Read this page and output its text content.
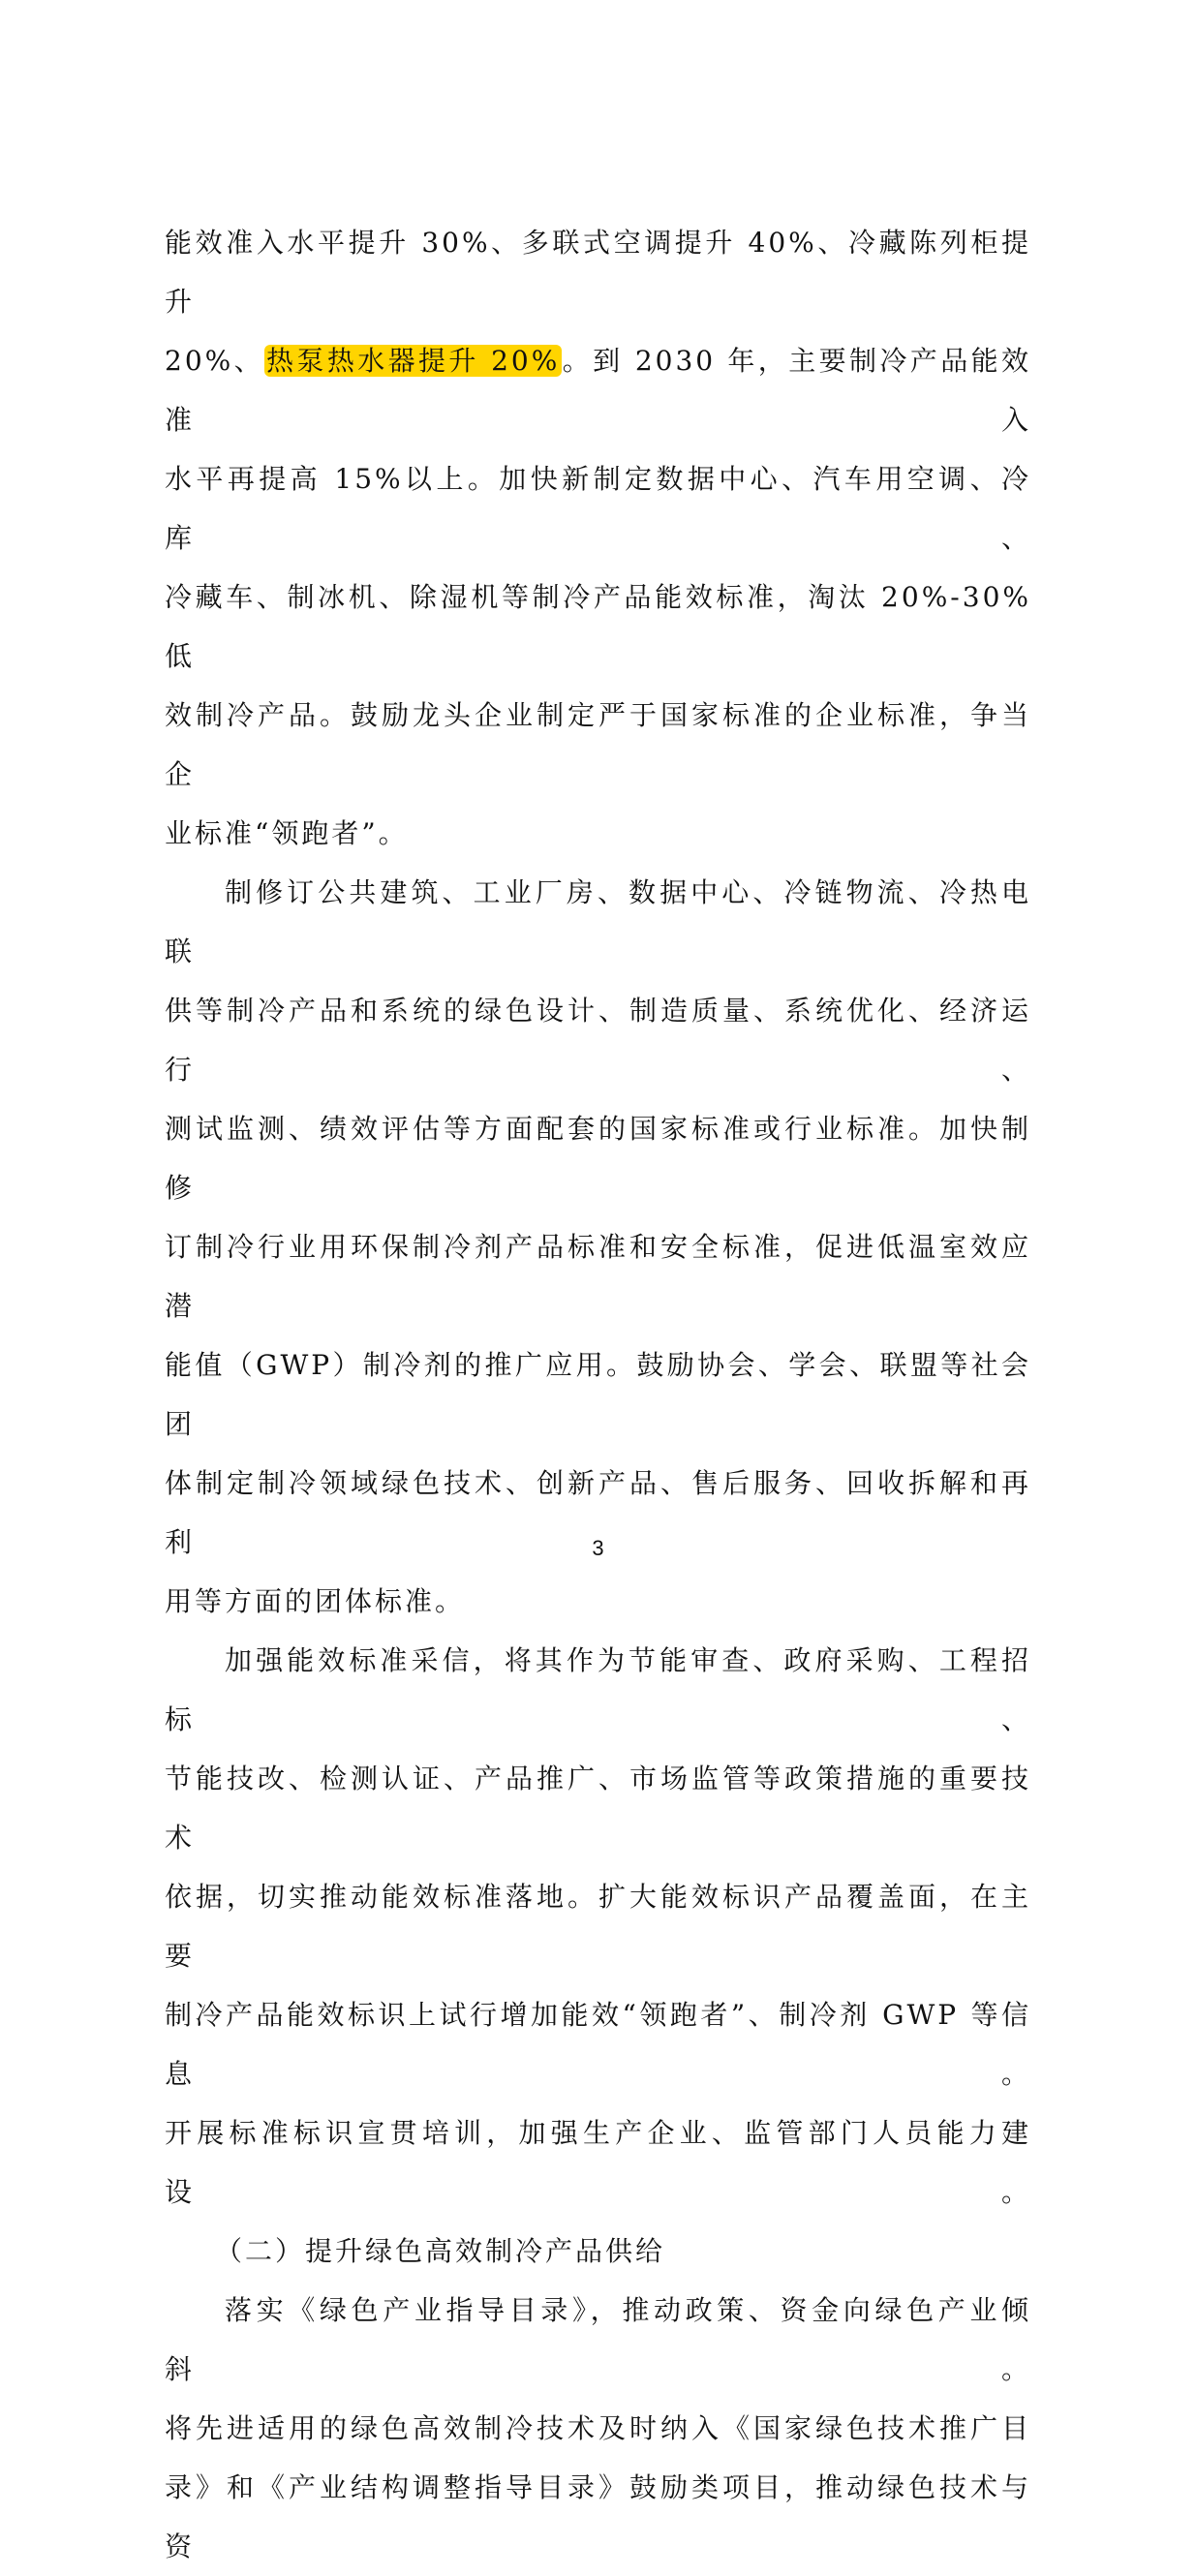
能效准入水平提升 30%、多联式空调提升 40%、冷藏陈列柜提升

20%、热泵热水器提升 20%。到 2030 年，主要制冷产品能效准入

水平再提高 15%以上。加快新制定数据中心、汽车用空调、冷库、

冷藏车、制冰机、除湿机等制冷产品能效标准，淘汰 20%-30%低

效制冷产品。鼓励龙头企业制定严于国家标准的企业标准，争当企

业标准“领跑者”。

制修订公共建筑、工业厂房、数据中心、冷链物流、冷热电联

供等制冷产品和系统的绿色设计、制造质量、系统优化、经济运行、

测试监测、绩效评估等方面配套的国家标准或行业标准。加快制修

订制冷行业用环保制冷剂产品标准和安全标准，促进低温室效应潜

能值（GWP）制冷剂的推广应用。鼓励协会、学会、联盟等社会团

体制定制冷领域绿色技术、创新产品、售后服务、回收拆解和再利

用等方面的团体标准。

加强能效标准采信，将其作为节能审查、政府采购、工程招标、

节能技改、检测认证、产品推广、市场监管等政策措施的重要技术

依据，切实推动能效标准落地。扩大能效标识产品覆盖面，在主要

制冷产品能效标识上试行增加能效“领跑者”、制冷剂 GWP 等信息。

开展标准标识宣贯培训，加强生产企业、监管部门人员能力建设。

（二）提升绿色高效制冷产品供给

落实《绿色产业指导目录》，推动政策、资金向绿色产业倾斜。

将先进适用的绿色高效制冷技术及时纳入《国家绿色技术推广目

录》和《产业结构调整指导目录》鼓励类项目，推动绿色技术与资

3
